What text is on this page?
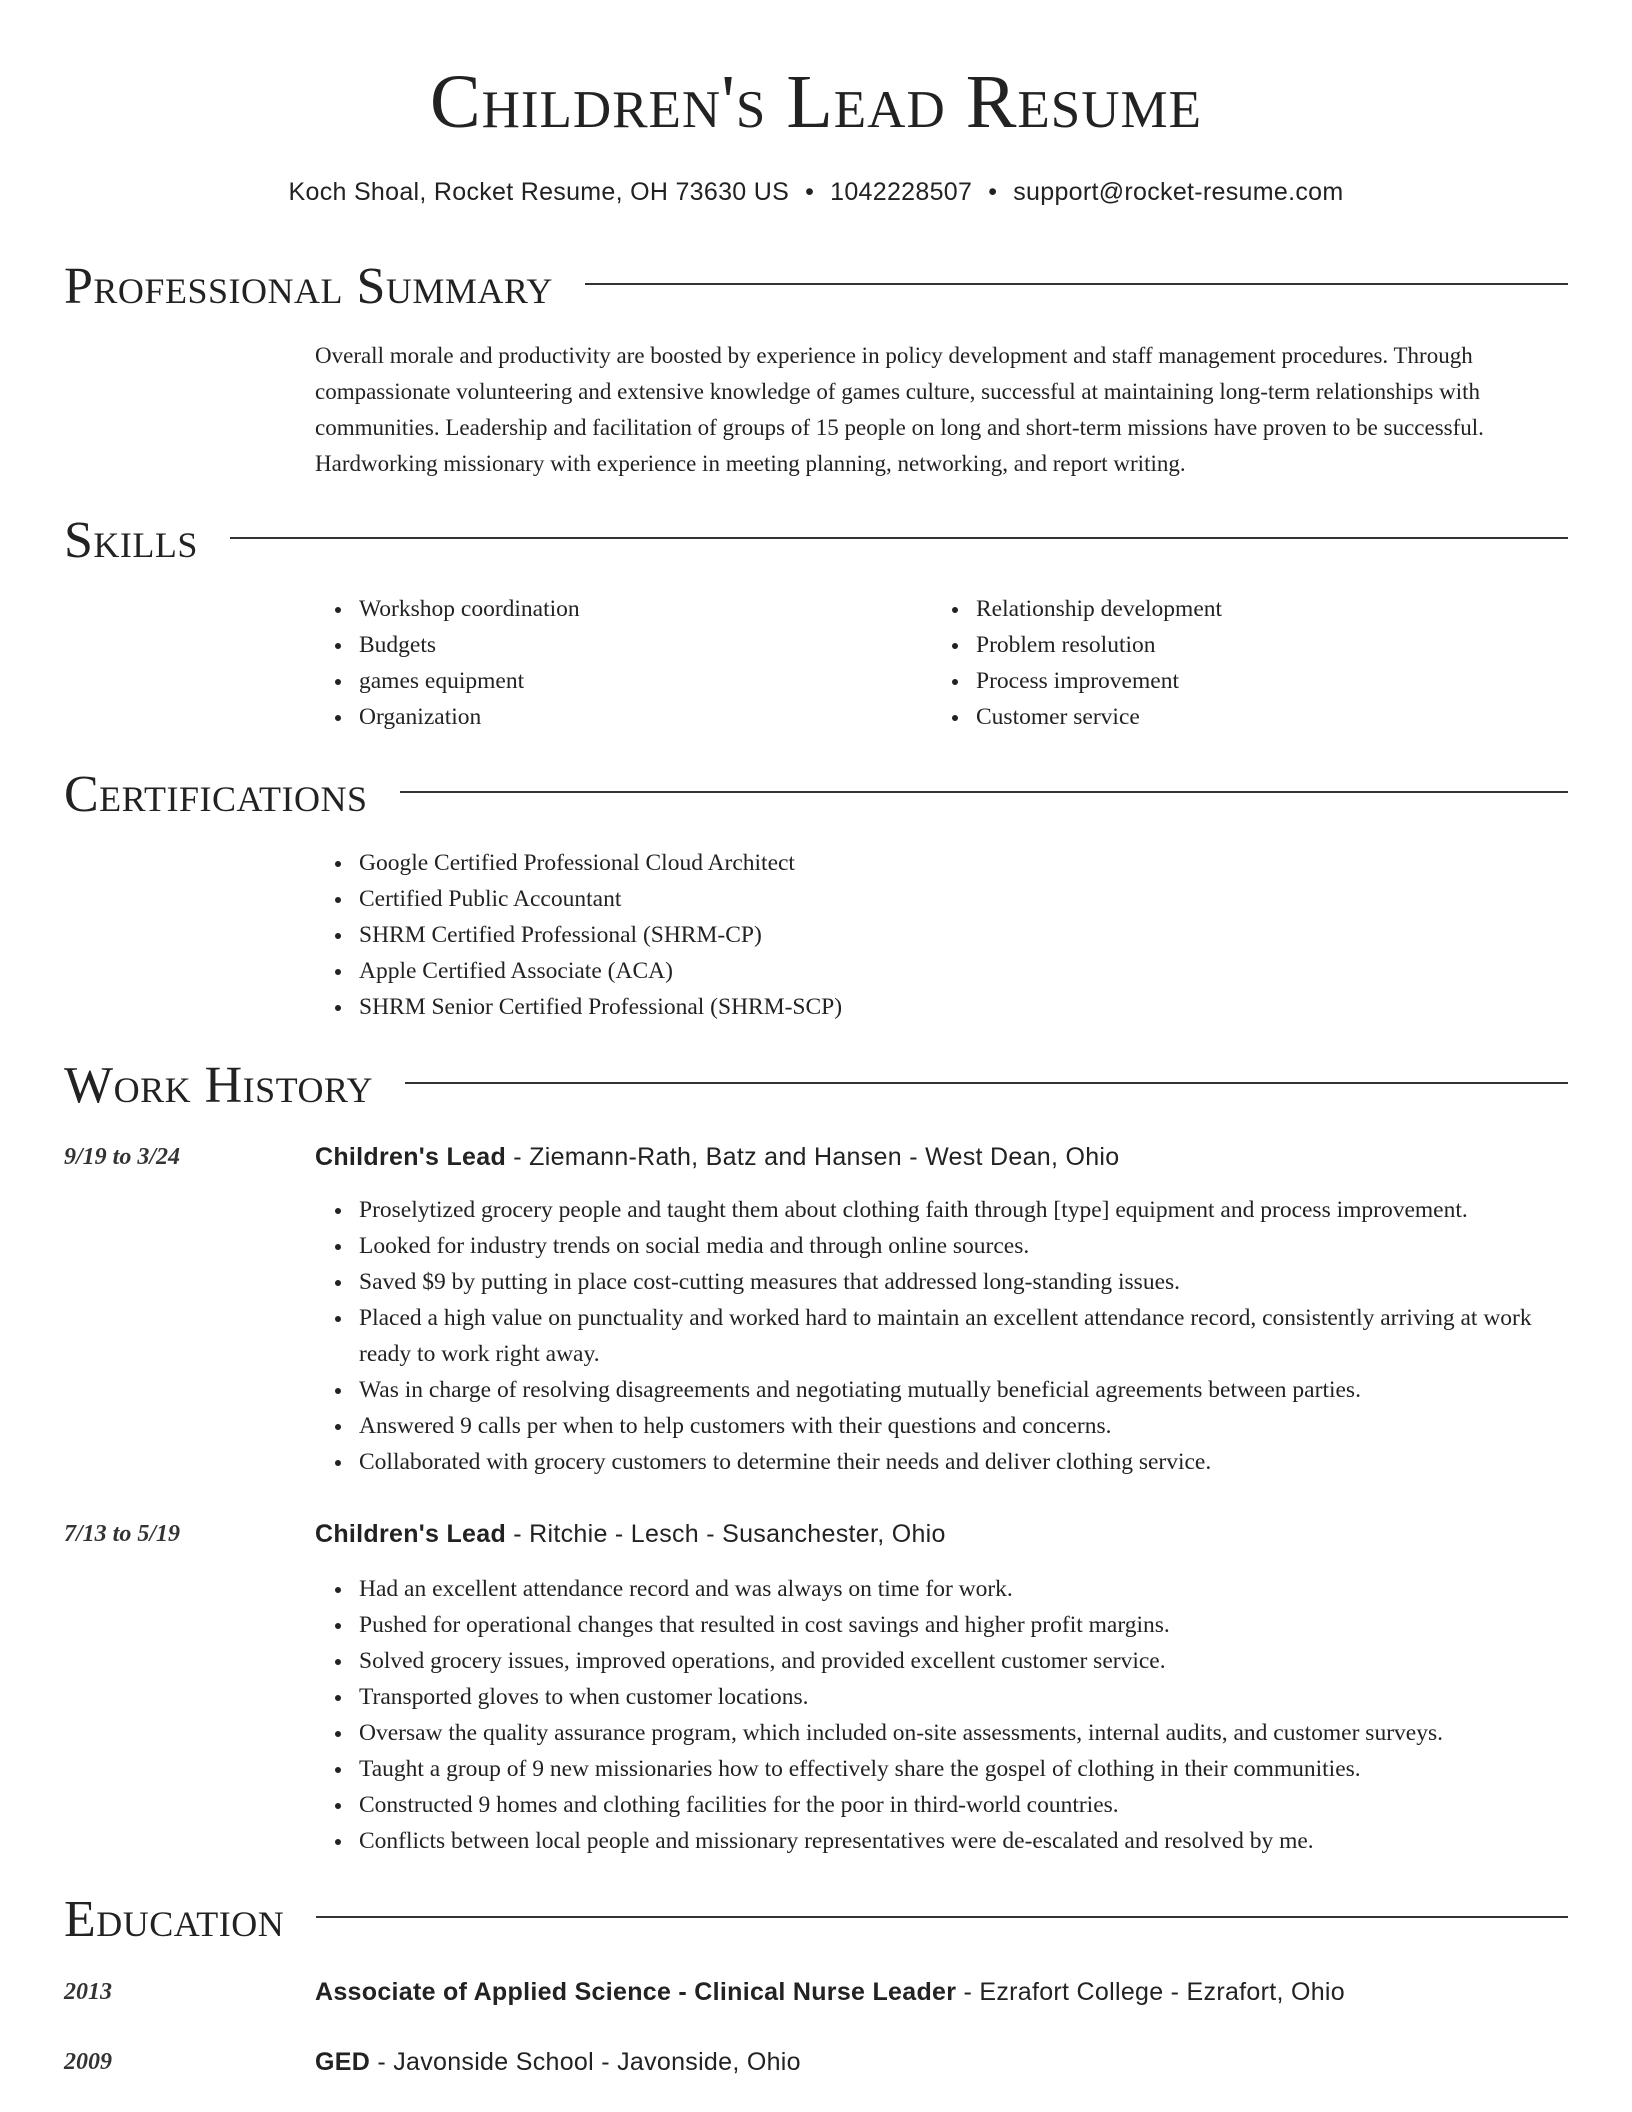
Children's Lead Resume
Koch Shoal, Rocket Resume, OH 73630 US • 1042228507 • support@rocket-resume.com
Professional Summary
Overall morale and productivity are boosted by experience in policy development and staff management procedures. Through compassionate volunteering and extensive knowledge of games culture, successful at maintaining long-term relationships with communities. Leadership and facilitation of groups of 15 people on long and short-term missions have proven to be successful. Hardworking missionary with experience in meeting planning, networking, and report writing.
Skills
Workshop coordination
Budgets
games equipment
Organization
Relationship development
Problem resolution
Process improvement
Customer service
Certifications
Google Certified Professional Cloud Architect
Certified Public Accountant
SHRM Certified Professional (SHRM-CP)
Apple Certified Associate (ACA)
SHRM Senior Certified Professional (SHRM-SCP)
Work History
9/19 to 3/24	Children's Lead - Ziemann-Rath, Batz and Hansen - West Dean, Ohio
Proselytized grocery people and taught them about clothing faith through [type] equipment and process improvement.
Looked for industry trends on social media and through online sources.
Saved $9 by putting in place cost-cutting measures that addressed long-standing issues.
Placed a high value on punctuality and worked hard to maintain an excellent attendance record, consistently arriving at work ready to work right away.
Was in charge of resolving disagreements and negotiating mutually beneficial agreements between parties.
Answered 9 calls per when to help customers with their questions and concerns.
Collaborated with grocery customers to determine their needs and deliver clothing service.
7/13 to 5/19	Children's Lead - Ritchie - Lesch - Susanchester, Ohio
Had an excellent attendance record and was always on time for work.
Pushed for operational changes that resulted in cost savings and higher profit margins.
Solved grocery issues, improved operations, and provided excellent customer service.
Transported gloves to when customer locations.
Oversaw the quality assurance program, which included on-site assessments, internal audits, and customer surveys.
Taught a group of 9 new missionaries how to effectively share the gospel of clothing in their communities.
Constructed 9 homes and clothing facilities for the poor in third-world countries.
Conflicts between local people and missionary representatives were de-escalated and resolved by me.
Education
2013	Associate of Applied Science - Clinical Nurse Leader - Ezrafort College - Ezrafort, Ohio
2009	GED - Javonside School - Javonside, Ohio
